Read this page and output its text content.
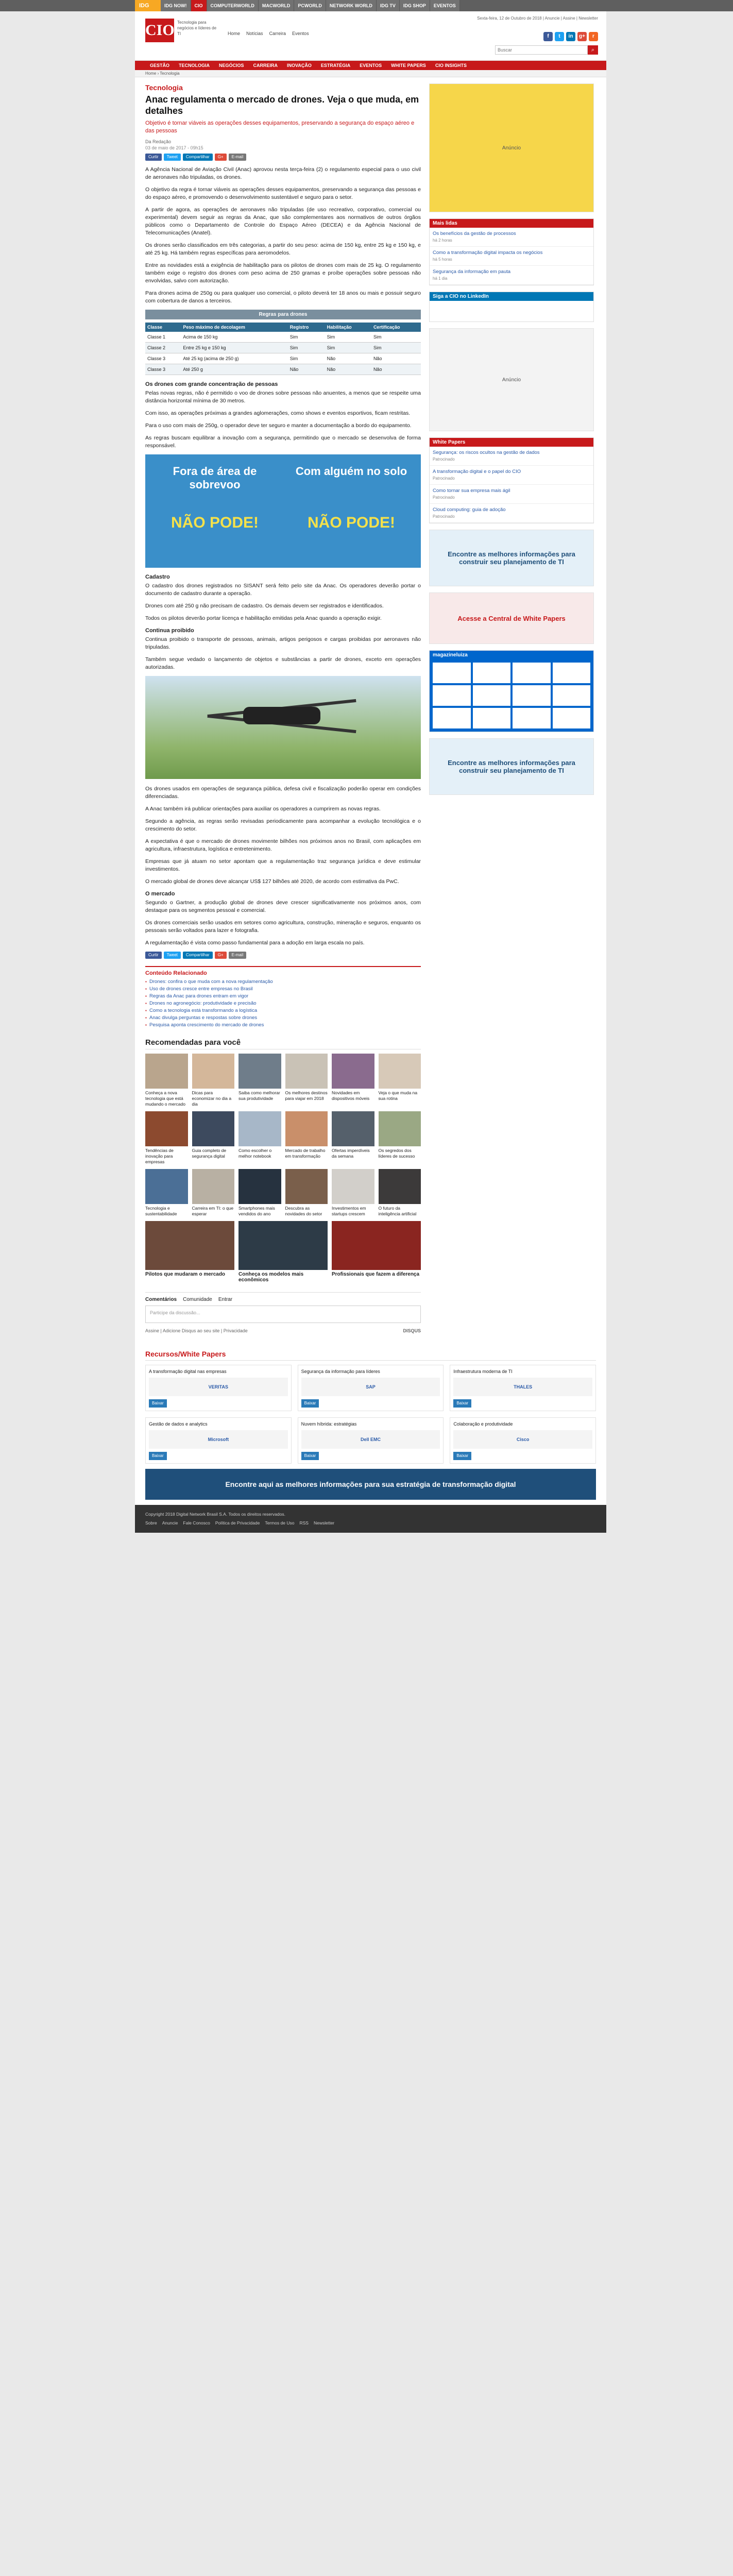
IDG	IDG NOW!	CIO	COMPUTERWORLD	MACWORLD	PCWORLD	NETWORK WORLD	IDG TV	IDG SHOP	EVENTOS
CIO Tecnologia para negócios e líderes de TI	Home Notícias Carreira Eventos
Sexta-feira, 12 de Outubro de 2018 | Anuncie | Assine | Newsletter
f	t	in	g+	r
Buscar
⌕
GESTÃO	TECNOLOGIA	NEGÓCIOS	CARREIRA	INOVAÇÃO	ESTRATÉGIA	EVENTOS	WHITE PAPERS	CIO INSIGHTS
Home › Tecnologia
Tecnologia
Anac regulamenta o mercado de drones. Veja o que muda, em detalhes
Objetivo é tornar viáveis as operações desses equipamentos, preservando a segurança do espaço aéreo e das pessoas
Da Redação
03 de maio de 2017 - 09h15
Curtir	Tweet	Compartilhar	G+	E-mail

A Agência Nacional de Aviação Civil (Anac) aprovou nesta terça-feira (2) o regulamento especial para o uso civil de aeronaves não tripuladas, os drones.

O objetivo da regra é tornar viáveis as operações desses equipamentos, preservando a segurança das pessoas e do espaço aéreo, e promovendo o desenvolvimento sustentável e seguro para o setor.

A partir de agora, as operações de aeronaves não tripuladas (de uso recreativo, corporativo, comercial ou experimental) devem seguir as regras da Anac, que são complementares aos normativos de outros órgãos públicos como o Departamento de Controle do Espaço Aéreo (DECEA) e da Agência Nacional de Telecomunicações (Anatel).

Os drones serão classificados em três categorias, a partir do seu peso: acima de 150 kg, entre 25 kg e 150 kg, e até 25 kg. Há também regras específicas para aeromodelos.

Entre as novidades está a exigência de habilitação para os pilotos de drones com mais de 25 kg. O regulamento também exige o registro dos drones com peso acima de 250 gramas e proíbe operações sobre pessoas não envolvidas, salvo com autorização.

Para drones acima de 250g ou para qualquer uso comercial, o piloto deverá ter 18 anos ou mais e possuir seguro com cobertura de danos a terceiros.

Regras para drones
Classe	Peso máximo de decolagem	Registro	Habilitação	Certificação
Classe 1	Acima de 150 kg	Sim	Sim	Sim
Classe 2	Entre 25 kg e 150 kg	Sim	Sim	Sim
Classe 3	Até 25 kg (acima de 250 g)	Sim	Não	Não
Classe 3	Até 250 g	Não	Não	Não
Os drones com grande concentração de pessoas

Pelas novas regras, não é permitido o voo de drones sobre pessoas não anuentes, a menos que se respeite uma distância horizontal mínima de 30 metros.

Com isso, as operações próximas a grandes aglomerações, como shows e eventos esportivos, ficam restritas.

Para o uso com mais de 250g, o operador deve ter seguro e manter a documentação a bordo do equipamento.

As regras buscam equilibrar a inovação com a segurança, permitindo que o mercado se desenvolva de forma responsável.

Fora de área de sobrevoo
NÃO PODE!
Com alguém no solo
NÃO PODE!
Cadastro

O cadastro dos drones registrados no SISANT será feito pelo site da Anac. Os operadores deverão portar o documento de cadastro durante a operação.

Drones com até 250 g não precisam de cadastro. Os demais devem ser registrados e identificados.

Todos os pilotos deverão portar licença e habilitação emitidas pela Anac quando a operação exigir.

Continua proibido

Continua proibido o transporte de pessoas, animais, artigos perigosos e cargas proibidas por aeronaves não tripuladas.

Também segue vedado o lançamento de objetos e substâncias a partir de drones, exceto em operações autorizadas.

Os drones usados em operações de segurança pública, defesa civil e fiscalização poderão operar em condições diferenciadas.

A Anac também irá publicar orientações para auxiliar os operadores a cumprirem as novas regras.

Segundo a agência, as regras serão revisadas periodicamente para acompanhar a evolução tecnológica e o crescimento do setor.

A expectativa é que o mercado de drones movimente bilhões nos próximos anos no Brasil, com aplicações em agricultura, infraestrutura, logística e entretenimento.

Empresas que já atuam no setor apontam que a regulamentação traz segurança jurídica e deve estimular investimentos.

O mercado global de drones deve alcançar US$ 127 bilhões até 2020, de acordo com estimativa da PwC.

O mercado

Segundo o Gartner, a produção global de drones deve crescer significativamente nos próximos anos, com destaque para os segmentos pessoal e comercial.

Os drones comerciais serão usados em setores como agricultura, construção, mineração e seguros, enquanto os pessoais serão voltados para lazer e fotografia.

A regulamentação é vista como passo fundamental para a adoção em larga escala no país.

Curtir	Tweet	Compartilhar	G+	E-mail
Conteúdo Relacionado
▪ Drones: confira o que muda com a nova regulamentação
▪ Uso de drones cresce entre empresas no Brasil
▪ Regras da Anac para drones entram em vigor
▪ Drones no agronegócio: produtividade e precisão
▪ Como a tecnologia está transformando a logística
▪ Anac divulga perguntas e respostas sobre drones
▪ Pesquisa aponta crescimento do mercado de drones
Recomendadas para você
Conheça a nova tecnologia que está mudando o mercado
Dicas para economizar no dia a dia
Saiba como melhorar sua produtividade
Os melhores destinos para viajar em 2018
Novidades em dispositivos móveis
Veja o que muda na sua rotina
Tendências de inovação para empresas
Guia completo de segurança digital
Como escolher o melhor notebook
Mercado de trabalho em transformação
Ofertas imperdíveis da semana
Os segredos dos líderes de sucesso
Tecnologia e sustentabilidade
Carreira em TI: o que esperar
Smartphones mais vendidos do ano
Descubra as novidades do setor
Investimentos em startups crescem
O futuro da inteligência artificial
Pilotos que mudaram o mercado	Conheça os modelos mais econômicos
Profissionais que fazem a diferença
Comentários Comunidade Entrar
Participe da discussão...
Assine | Adicione Disqus ao seu site | Privacidade	DISQUS
Anúncio
Mais lidas
Os benefícios da gestão de processos
há 2 horas
Como a transformação digital impacta os negócios
há 5 horas
Segurança da informação em pauta
há 1 dia
Siga a CIO no LinkedIn
Anúncio
White Papers
Segurança: os riscos ocultos na gestão de dados
Patrocinado
A transformação digital e o papel do CIO
Patrocinado
Como tornar sua empresa mais ágil
Patrocinado
Cloud computing: guia de adoção
Patrocinado
Encontre as melhores informações para construir seu planejamento de TI
Acesse a Central de White Papers
magazineluiza
Encontre as melhores informações para construir seu planejamento de TI
Recursos/White Papers
A transformação digital nas empresas
VERITAS
Baixar
Segurança da informação para líderes
SAP
Baixar
Infraestrutura moderna de TI
THALES
Baixar
Gestão de dados e analytics
Microsoft
Baixar
Nuvem híbrida: estratégias
Dell EMC
Baixar
Colaboração e produtividade
Cisco
Baixar
Encontre aqui as melhores informações para sua estratégia de transformação digital
Copyright 2018 Digital Network Brasil S.A. Todos os direitos reservados.
Sobre Anuncie Fale Conosco Política de Privacidade Termos de Uso RSS Newsletter
